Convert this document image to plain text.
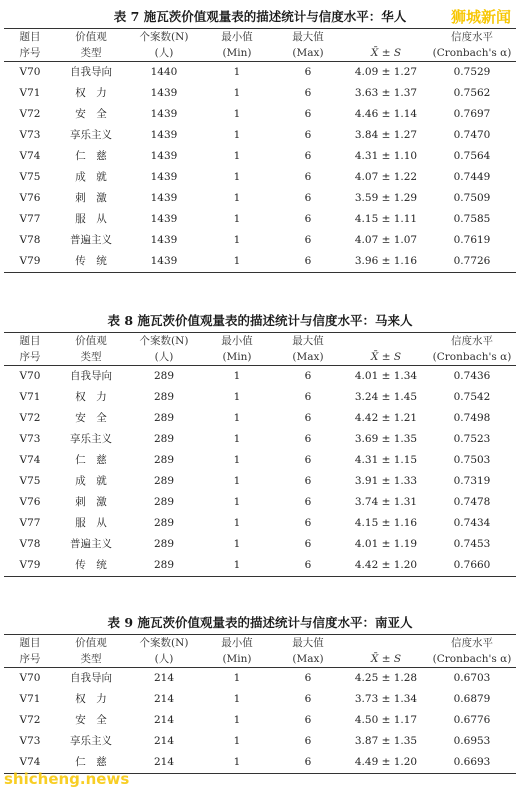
表 7 施瓦茨价值观量表的描述统计与信度水平：华人
题目	价值观	个案数(N)	最小值	最大值		信度水平
序号	类型	(人)	(Min)	(Max)	X̄ ± S	(Cronbach's α)
V70	自我导向	1440	1	6	4.09 ± 1.27	0.7529
V71	权　力	1439	1	6	3.63 ± 1.37	0.7562
V72	安　全	1439	1	6	4.46 ± 1.14	0.7697
V73	享乐主义	1439	1	6	3.84 ± 1.27	0.7470
V74	仁　慈	1439	1	6	4.31 ± 1.10	0.7564
V75	成　就	1439	1	6	4.07 ± 1.22	0.7449
V76	刺　激	1439	1	6	3.59 ± 1.29	0.7509
V77	服　从	1439	1	6	4.15 ± 1.11	0.7585
V78	普遍主义	1439	1	6	4.07 ± 1.07	0.7619
V79	传　统	1439	1	6	3.96 ± 1.16	0.7726
表 8 施瓦茨价值观量表的描述统计与信度水平：马来人
题目	价值观	个案数(N)	最小值	最大值		信度水平
序号	类型	(人)	(Min)	(Max)	X̄ ± S	(Cronbach's α)
V70	自我导向	289	1	6	4.01 ± 1.34	0.7436
V71	权　力	289	1	6	3.24 ± 1.45	0.7542
V72	安　全	289	1	6	4.42 ± 1.21	0.7498
V73	享乐主义	289	1	6	3.69 ± 1.35	0.7523
V74	仁　慈	289	1	6	4.31 ± 1.15	0.7503
V75	成　就	289	1	6	3.91 ± 1.33	0.7319
V76	刺　激	289	1	6	3.74 ± 1.31	0.7478
V77	服　从	289	1	6	4.15 ± 1.16	0.7434
V78	普遍主义	289	1	6	4.01 ± 1.19	0.7453
V79	传　统	289	1	6	4.42 ± 1.20	0.7660
表 9 施瓦茨价值观量表的描述统计与信度水平：南亚人
题目	价值观	个案数(N)	最小值	最大值		信度水平
序号	类型	(人)	(Min)	(Max)	X̄ ± S	(Cronbach's α)
V70	自我导向	214	1	6	4.25 ± 1.28	0.6703
V71	权　力	214	1	6	3.73 ± 1.34	0.6879
V72	安　全	214	1	6	4.50 ± 1.17	0.6776
V73	享乐主义	214	1	6	3.87 ± 1.35	0.6953
V74	仁　慈	214	1	6	4.49 ± 1.20	0.6693
狮城新闻
shicheng.news
